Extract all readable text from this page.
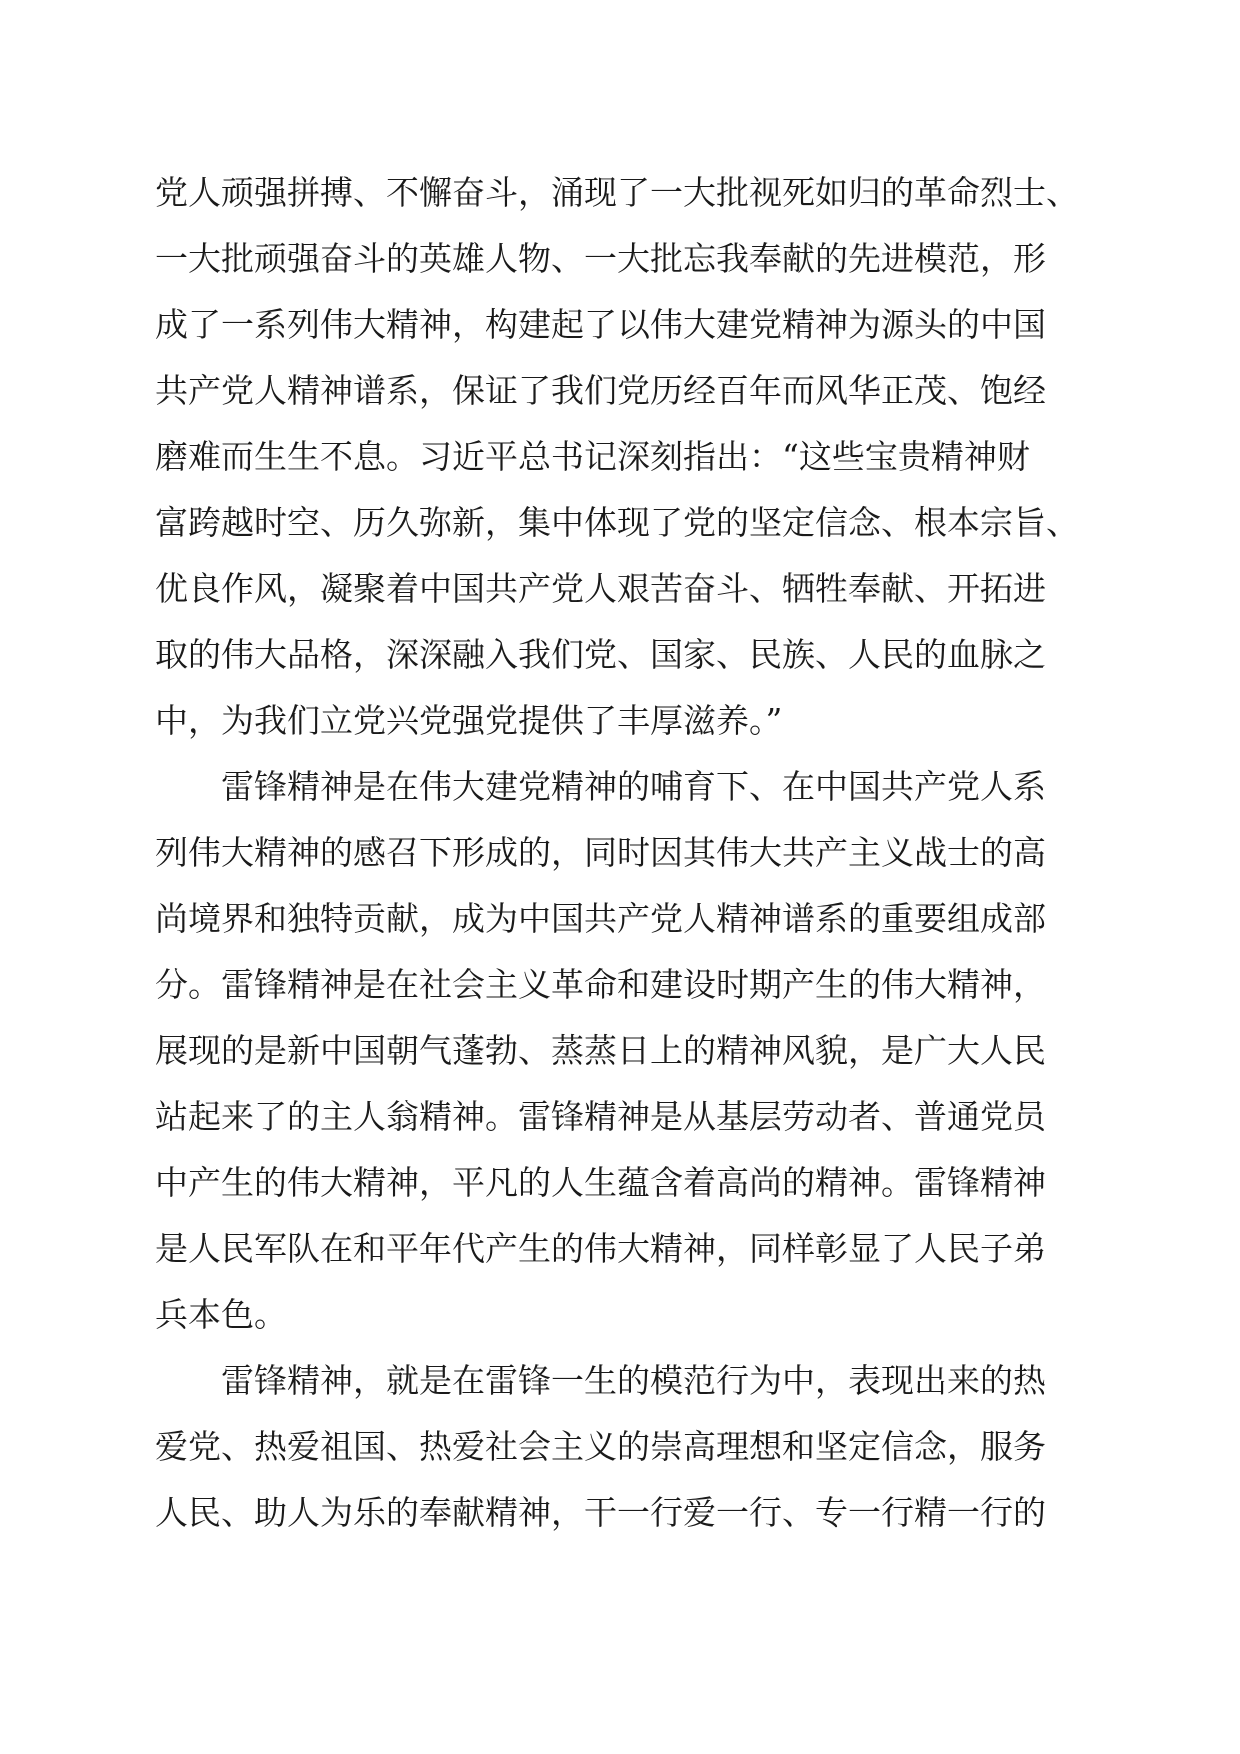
党人顽强拼搏、不懈奋斗，涌现了一大批视死如归的革命烈士、
一大批顽强奋斗的英雄人物、一大批忘我奉献的先进模范，形
成了一系列伟大精神，构建起了以伟大建党精神为源头的中国
共产党人精神谱系，保证了我们党历经百年而风华正茂、饱经
磨难而生生不息。习近平总书记深刻指出：“这些宝贵精神财
富跨越时空、历久弥新，集中体现了党的坚定信念、根本宗旨、
优良作风，凝聚着中国共产党人艰苦奋斗、牺牲奉献、开拓进
取的伟大品格，深深融入我们党、国家、民族、人民的血脉之
中，为我们立党兴党强党提供了丰厚滋养。”
雷锋精神是在伟大建党精神的哺育下、在中国共产党人系
列伟大精神的感召下形成的，同时因其伟大共产主义战士的高
尚境界和独特贡献，成为中国共产党人精神谱系的重要组成部
分。雷锋精神是在社会主义革命和建设时期产生的伟大精神，
展现的是新中国朝气蓬勃、蒸蒸日上的精神风貌，是广大人民
站起来了的主人翁精神。雷锋精神是从基层劳动者、普通党员
中产生的伟大精神，平凡的人生蕴含着高尚的精神。雷锋精神
是人民军队在和平年代产生的伟大精神，同样彰显了人民子弟
兵本色。
雷锋精神，就是在雷锋一生的模范行为中，表现出来的热
爱党、热爱祖国、热爱社会主义的崇高理想和坚定信念，服务
人民、助人为乐的奉献精神，干一行爱一行、专一行精一行的
